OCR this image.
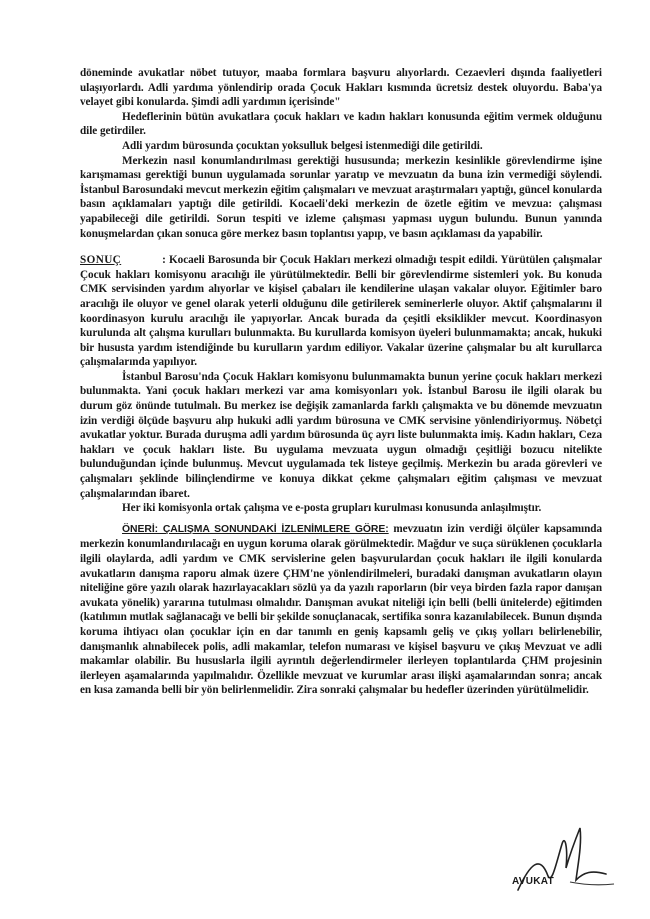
döneminde avukatlar nöbet tutuyor, maaba formlara başvuru alıyorlardı. Cezaevleri dışında faaliyetleri ulaşıyorlardı. Adli yardıma yönlendirip orada Çocuk Hakları kısmında ücretsiz destek oluyordu. Baba'ya velayet gibi konularda. Şimdi adli yardımın içerisinde"

Hedeflerinin bütün avukatlara çocuk hakları ve kadın hakları konusunda eğitim vermek olduğunu dile getirdiler.

Adli yardım bürosunda çocuktan yoksulluk belgesi istenmediği dile getirildi.

Merkezin nasıl konumlandırılması gerektiği hususunda; merkezin kesinlikle görevlendirme işine karışmaması gerektiği bunun uygulamada sorunlar yaratıp ve mevzuatın da buna izin vermediği söylendi. İstanbul Barosundaki mevcut merkezin eğitim çalışmaları ve mevzuat araştırmaları yaptığı, güncel konularda basın açıklamaları yaptığı dile getirildi. Kocaeli'deki merkezin de özetle eğitim ve mevzua: çalışması yapabileceği dile getirildi. Sorun tespiti ve izleme çalışması yapması uygun bulundu. Bunun yanında konuşmelardan çıkan sonuca göre merkez basın toplantısı yapıp, ve basın açıklaması da yapabilir.

SONUÇ	: Kocaeli Barosunda bir Çocuk Hakları merkezi olmadığı tespit edildi. Yürütülen çalışmalar Çocuk hakları komisyonu aracılığı ile yürütülmektedir. Belli bir görevlendirme sistemleri yok. Bu konuda CMK servisinden yardım alıyorlar ve kişisel çabaları ile kendilerine ulaşan vakalar oluyor. Eğitimler baro aracılığı ile oluyor ve genel olarak yeterli olduğunu dile getirilerek seminerlerle oluyor. Aktif çalışmalarını il koordinasyon kurulu aracılığı ile yapıyorlar. Ancak burada da çeşitli eksiklikler mevcut. Koordinasyon kurulunda alt çalışma kurulları bulunmakta. Bu kurullarda komisyon üyeleri bulunmamakta; ancak, hukuki bir hususta yardım istendiğinde bu kurulların yardım ediliyor. Vakalar üzerine çalışmalar bu alt kurullarca çalışmalarında yapılıyor.

İstanbul Barosu'nda Çocuk Hakları komisyonu bulunmamakta bunun yerine çocuk hakları merkezi bulunmakta. Yani çocuk hakları merkezi var ama komisyonları yok. İstanbul Barosu ile ilgili olarak bu durum göz önünde tutulmalı. Bu merkez ise değişik zamanlarda farklı çalışmakta ve bu dönemde mevzuatın izin verdiği ölçüde başvuru alıp hukuki adli yardım bürosuna ve CMK servisine yönlendiriyormuş. Nöbetçi avukatlar yoktur. Burada duruşma adli yardım bürosunda üç ayrı liste bulunmakta imiş. Kadın hakları, Ceza hakları ve çocuk hakları liste. Bu uygulama mevzuata uygun olmadığı çeşitliği bozucu nitelikte bulunduğundan içinde bulunmuş. Mevcut uygulamada tek listeye geçilmiş. Merkezin bu arada görevleri ve çalışmaları şeklinde bilinçlendirme ve konuya dikkat çekme çalışmaları eğitim çalışması ve mevzuat çalışmalarından ibaret.

Her iki komisyonla ortak çalışma ve e-posta grupları kurulması konusunda anlaşılmıştır.

ÖNERİ: ÇALIŞMA SONUNDAKİ İZLENİMLERE GÖRE: mevzuatın izin verdiği ölçüler kapsamında merkezin konumlandırılacağı en uygun koruma olarak görülmektedir. Mağdur ve suça sürüklenen çocuklarla ilgili olaylarda, adli yardım ve CMK servislerine gelen başvurulardan çocuk hakları ile ilgili konularda avukatların danışma raporu almak üzere ÇHM'ne yönlendirilmeleri, buradaki danışman avukatların olayın niteliğine göre yazılı olarak hazırlayacakları sözlü ya da yazılı raporların (bir veya birden fazla rapor danışan avukata yönelik) yararına tutulması olmalıdır. Danışman avukat niteliği için belli (belli ünitelerde) eğitimden (katılımın mutlak sağlanacağı ve belli bir şekilde sonuçlanacak, sertifika sonra kazanılabilecek. Bunun dışında koruma ihtiyacı olan çocuklar için en dar tanımlı en geniş kapsamlı geliş ve çıkış yolları belirlenebilir, danışmanlık alınabilecek polis, adli makamlar, telefon numarası ve kişisel başvuru ve çıkış Mevzuat ve adli makamlar olabilir. Bu hususlarla ilgili ayrıntılı değerlendirmeler ilerleyen toplantılarda ÇHM projesinin ilerleyen aşamalarında yapılmalıdır. Özellikle mevzuat ve kurumlar arası ilişki aşamalarından sonra; ancak en kısa zamanda belli bir yön belirlenmelidir. Zira sonraki çalışmalar bu hedefler üzerinden yürütülmelidir.

AVUKAT
